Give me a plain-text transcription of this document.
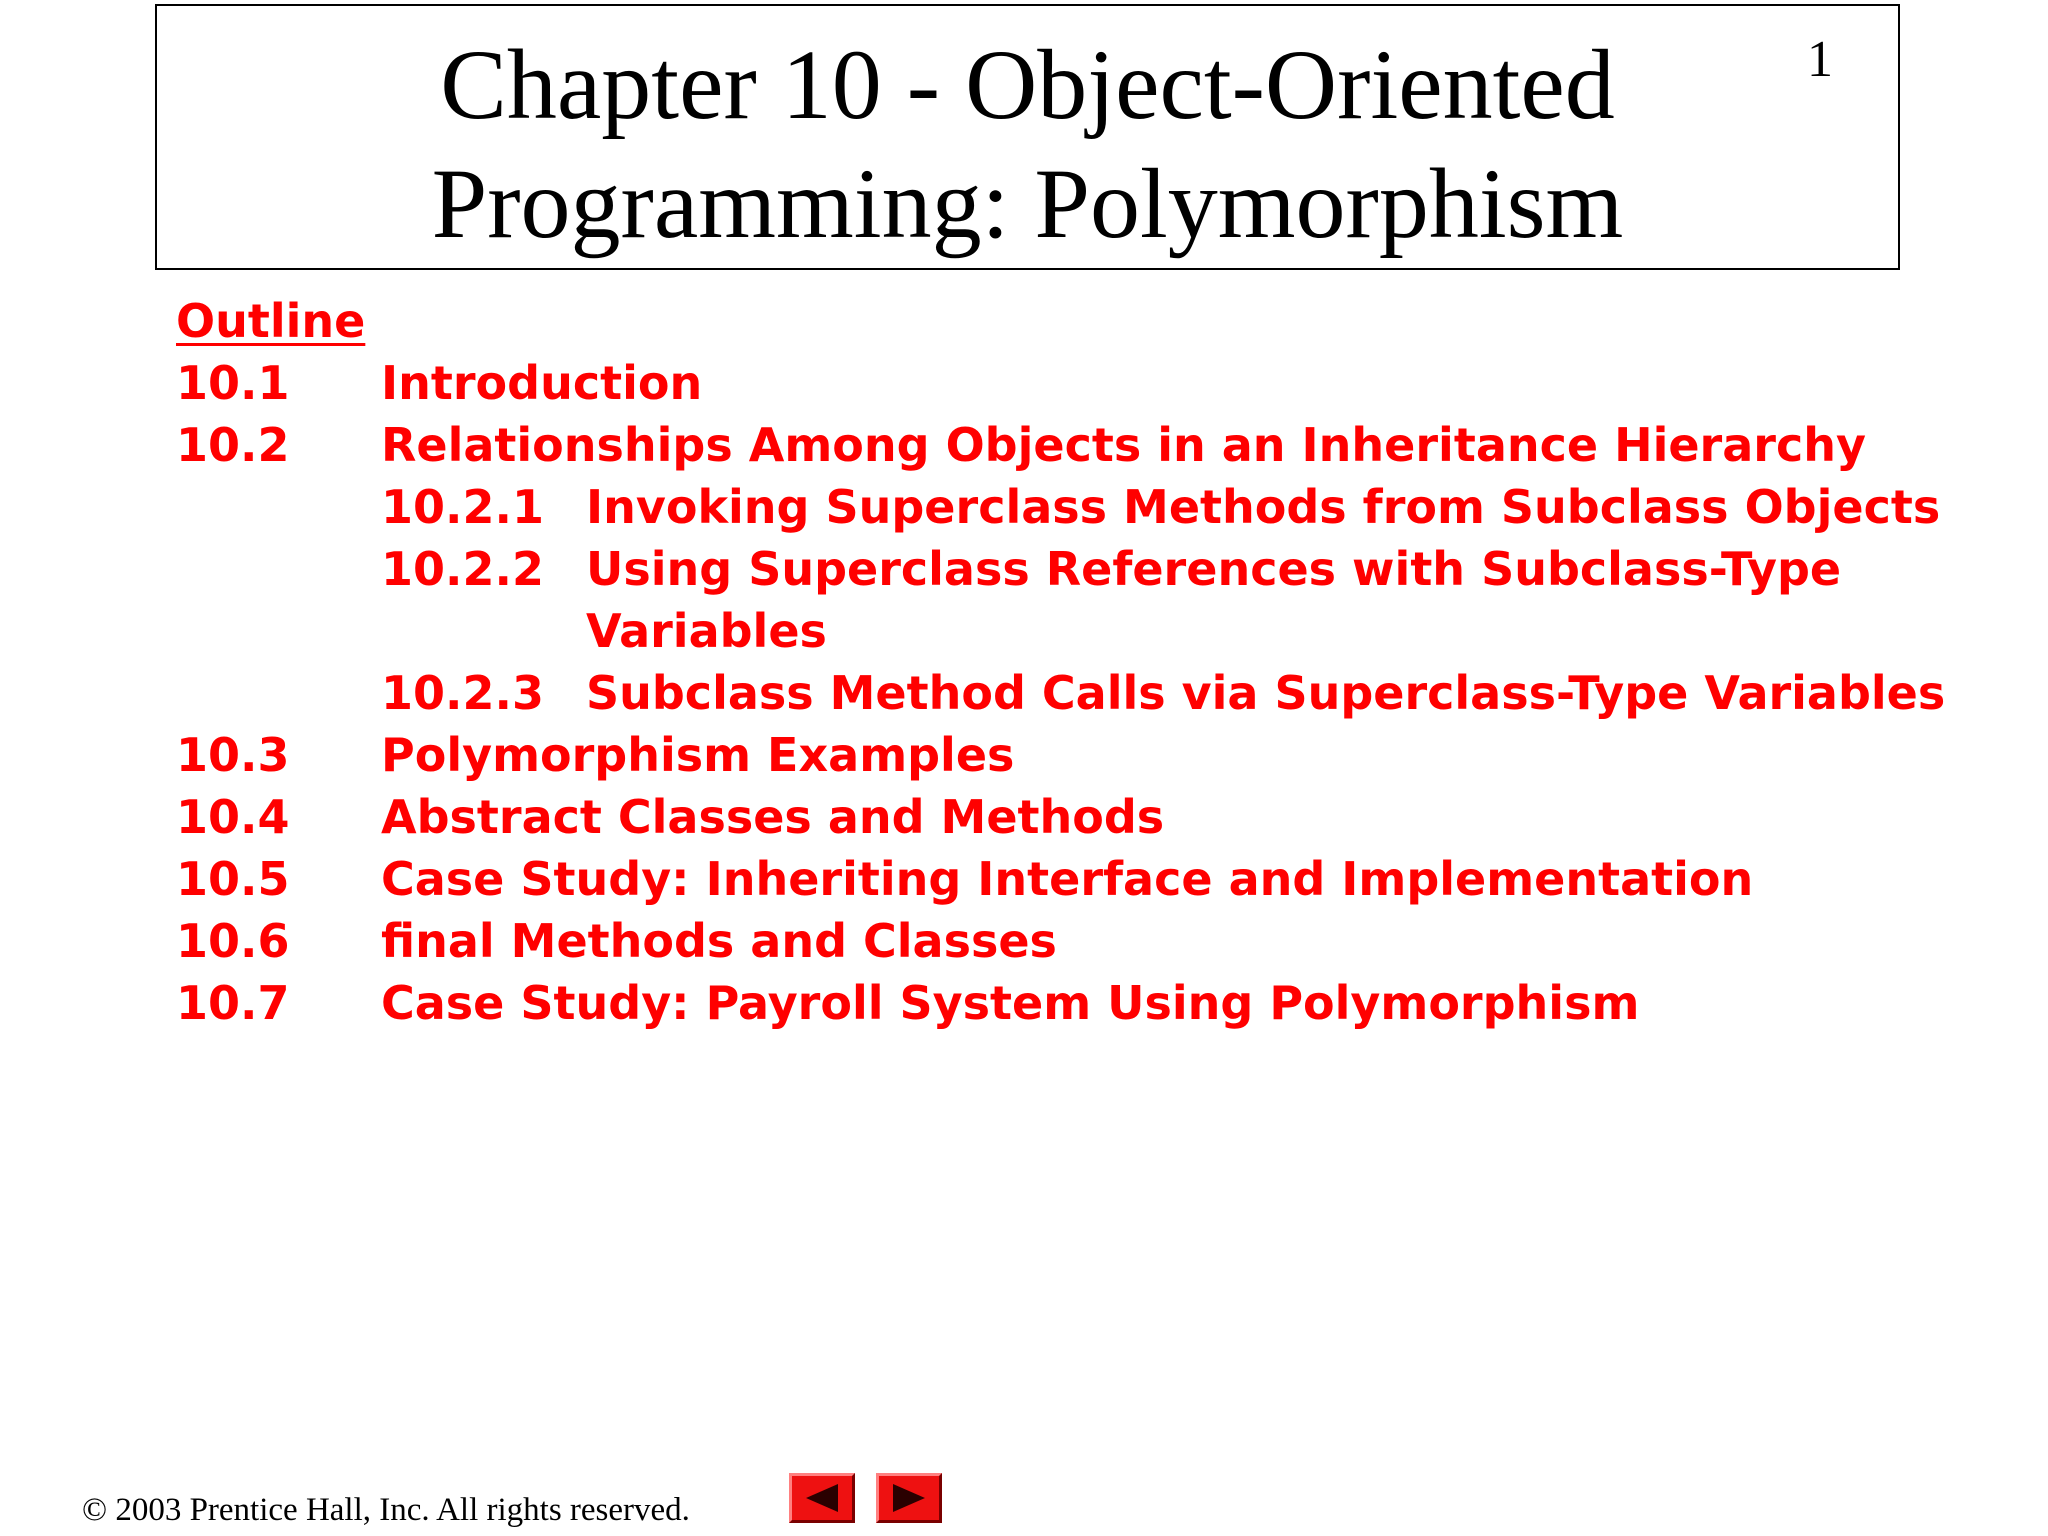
Chapter 10 - Object-Oriented
Programming: Polymorphism
1
Outline
10.1 Introduction
10.2 Relationships Among Objects in an Inheritance Hierarchy
10.2.1 Invoking Superclass Methods from Subclass Objects
10.2.2 Using Superclass References with Subclass-Type
Variables
10.2.3 Subclass Method Calls via Superclass-Type Variables
10.3 Polymorphism Examples
10.4 Abstract Classes and Methods
10.5 Case Study: Inheriting Interface and Implementation
10.6 final Methods and Classes
10.7 Case Study: Payroll System Using Polymorphism
© 2003 Prentice Hall, Inc. All rights reserved.
